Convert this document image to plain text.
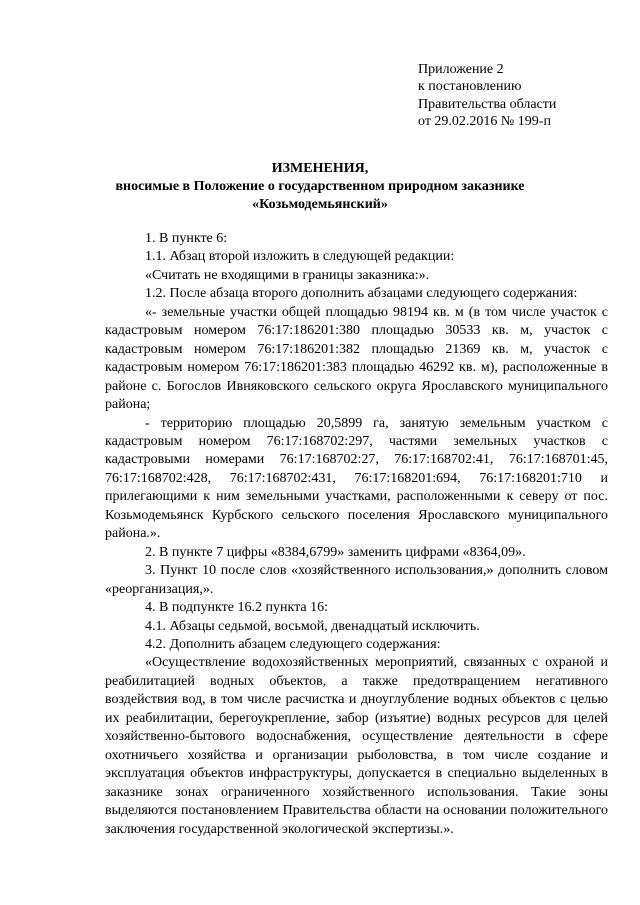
Приложение 2
к постановлению
Правительства области
от 29.02.2016 № 199-п
ИЗМЕНЕНИЯ,
вносимые в Положение о государственном природном заказнике
«Козьмодемьянский»

1. В пункте 6:

1.1. Абзац второй изложить в следующей редакции:

«Считать не входящими в границы заказника:».

1.2. После абзаца второго дополнить абзацами следующего содержания:

«- земельные участки общей площадью 98194 кв. м (в том числе участок с кадастровым номером 76:17:186201:380 площадью 30533 кв. м, участок с кадастровым номером 76:17:186201:382 площадью 21369 кв. м, участок с кадастровым номером 76:17:186201:383 площадью 46292 кв. м), расположенные в районе с. Богослов Ивняковского сельского округа Ярославского муниципального района;

- территорию площадью 20,5899 га, занятую земельным участком с кадастровым номером 76:17:168702:297, частями земельных участков с кадастровыми номерами 76:17:168702:27, 76:17:168702:41, 76:17:168701:45, 76:17:168702:428, 76:17:168702:431, 76:17:168201:694, 76:17:168201:710 и прилегающими к ним земельными участками, расположенными к северу от пос. Козьмодемьянск Курбского сельского поселения Ярославского муниципального района.».

2. В пункте 7 цифры «8384,6799» заменить цифрами «8364,09».

3. Пункт 10 после слов «хозяйственного использования,» дополнить словом «реорганизация,».

4. В подпункте 16.2 пункта 16:

4.1. Абзацы седьмой, восьмой, двенадцатый исключить.

4.2. Дополнить абзацем следующего содержания:

«Осуществление водохозяйственных мероприятий, связанных с охраной и реабилитацией водных объектов, а также предотвращением негативного воздействия вод, в том числе расчистка и дноуглубление водных объектов с целью их реабилитации, берегоукрепление, забор (изъятие) водных ресурсов для целей хозяйственно-бытового водоснабжения, осуществление деятельности в сфере охотничьего хозяйства и организации рыболовства, в том числе создание и эксплуатация объектов инфраструктуры, допускается в специально выделенных в заказнике зонах ограниченного хозяйственного использования. Такие зоны выделяются постановлением Правительства области на основании положительного заключения государственной экологической экспертизы.».
